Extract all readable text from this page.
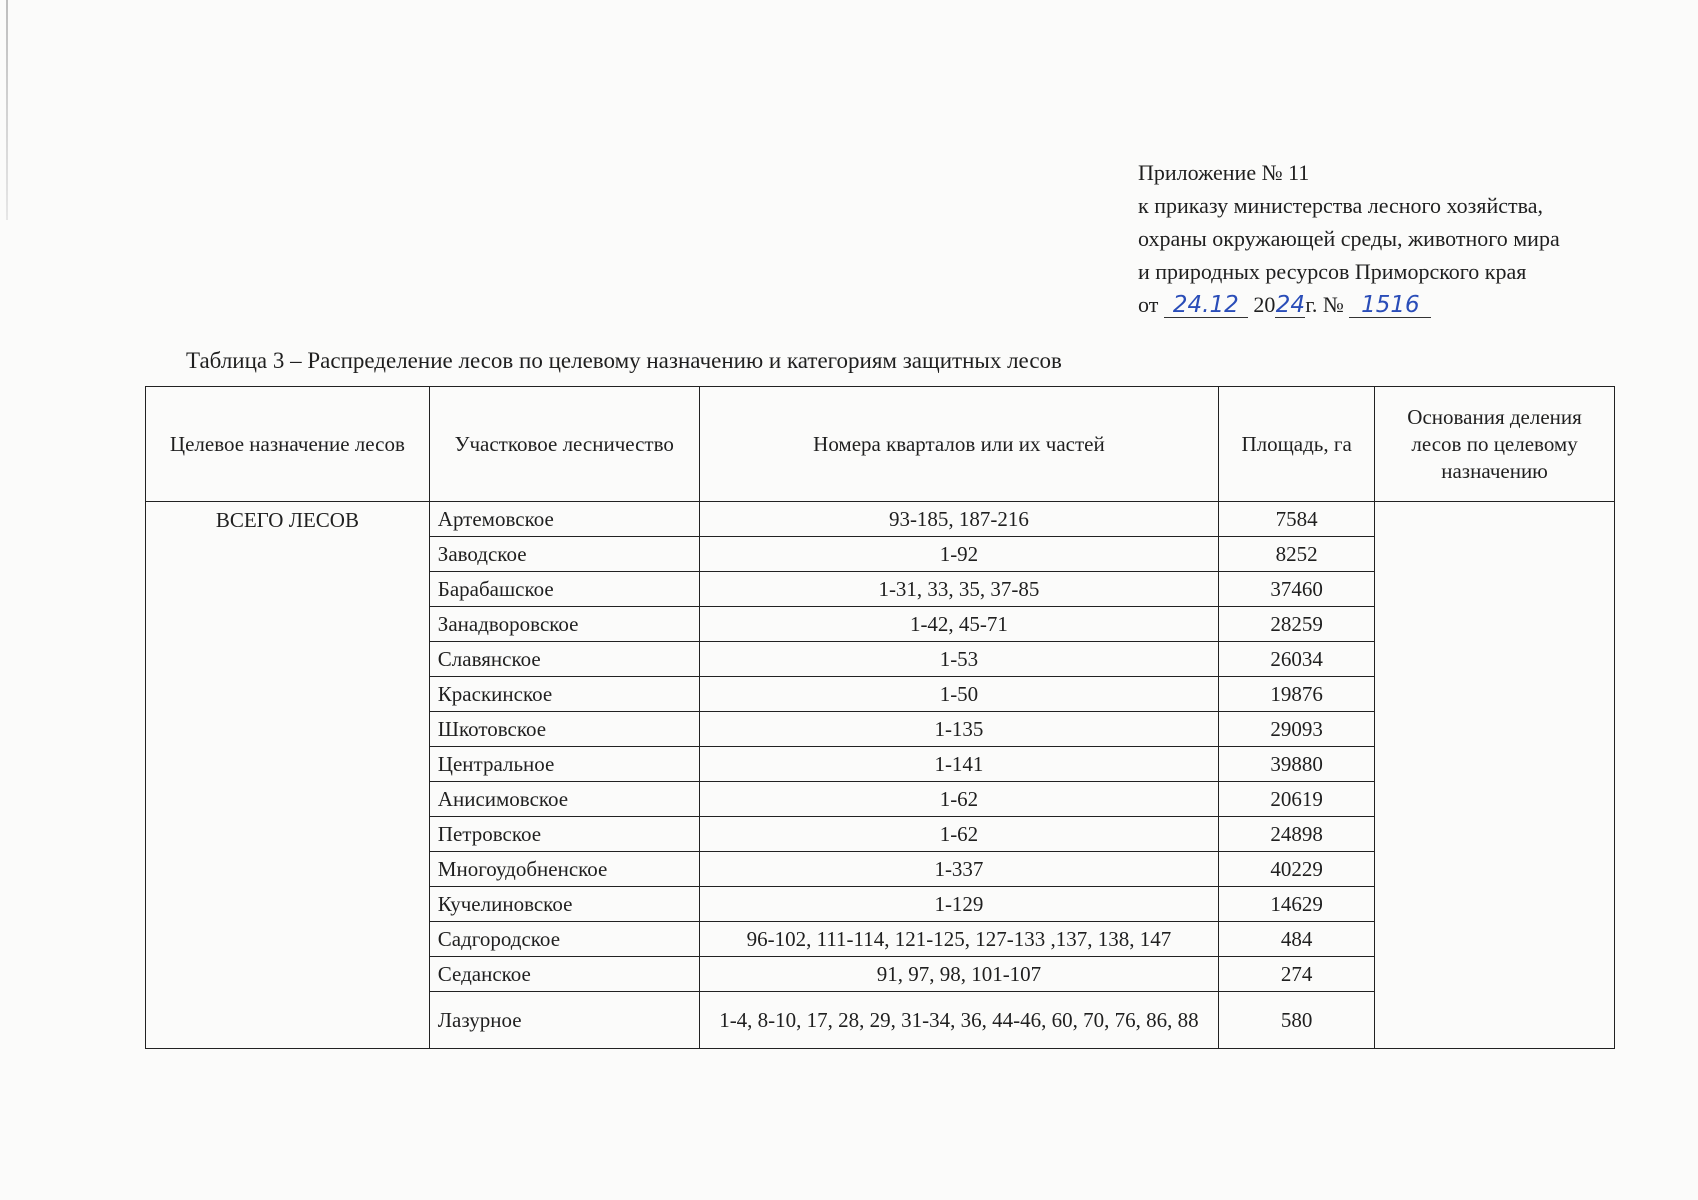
Приложение № 11
к приказу министерства лесного хозяйства,
охраны окружающей среды, животного мира
и природных ресурсов Приморского края
от 24.12 2024г. № 1516
Таблица 3 – Распределение лесов по целевому назначению и категориям защитных лесов
Целевое назначение лесов	Участковое лесничество	Номера кварталов или их частей	Площадь, га	Основания деления лесов по целевому назначению
ВСЕГО ЛЕСОВ	Артемовское	93-185, 187-216	7584	
	Заводское	1-92	8252	
	Барабашское	1-31, 33, 35, 37-85	37460	
	Занадворовское	1-42, 45-71	28259	
	Славянское	1-53	26034	
	Краскинское	1-50	19876	
	Шкотовское	1-135	29093	
	Центральное	1-141	39880	
	Анисимовское	1-62	20619	
	Петровское	1-62	24898	
	Многоудобненское	1-337	40229	
	Кучелиновское	1-129	14629	
	Садгородское	96-102, 111-114, 121-125, 127-133 ,137, 138, 147	484	
	Седанское	91, 97, 98, 101-107	274	
	Лазурное	1-4, 8-10, 17, 28, 29, 31-34, 36, 44-46, 60, 70, 76, 86, 88	580	
